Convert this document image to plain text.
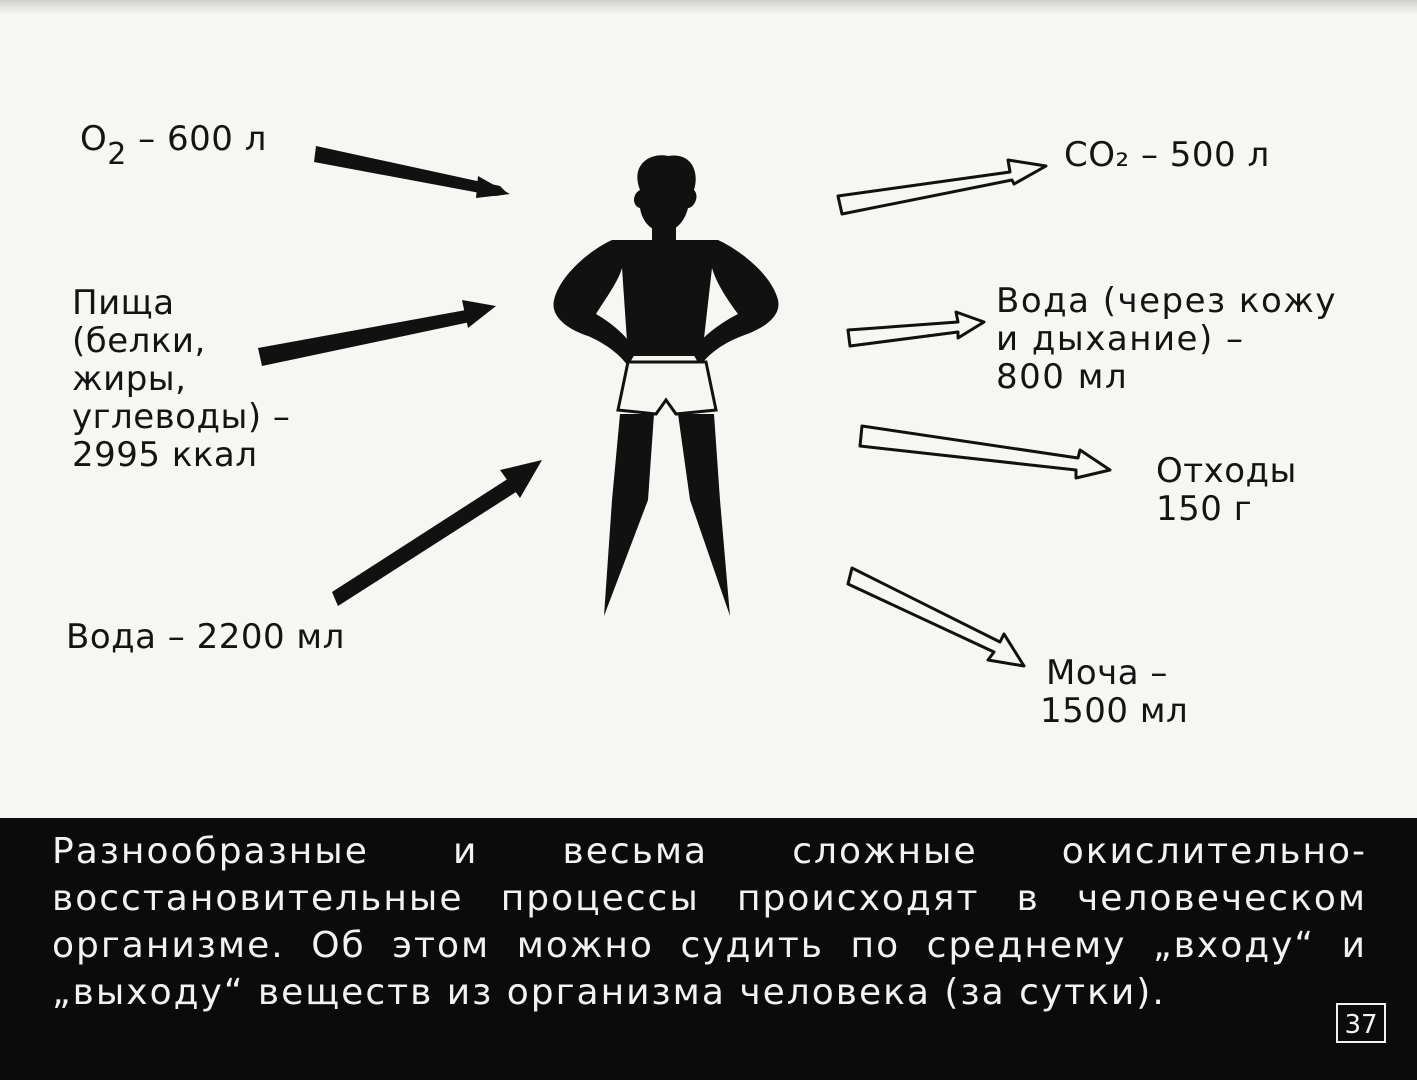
O2 – 600 л
Пища
(белки,
жиры,
углеводы) –
2995 ккал
Вода – 2200 мл
CO₂ – 500 л
Вода (через кожу
и дыхание) –
800 мл
Отходы
150 г
Моча –
1500 мл
Разнообразные и весьма сложные окислительно-восстановительные процессы происходят в человеческом организме. Об этом можно судить по среднему „входу“ и „выходу“ веществ из организма человека (за сутки).
37
